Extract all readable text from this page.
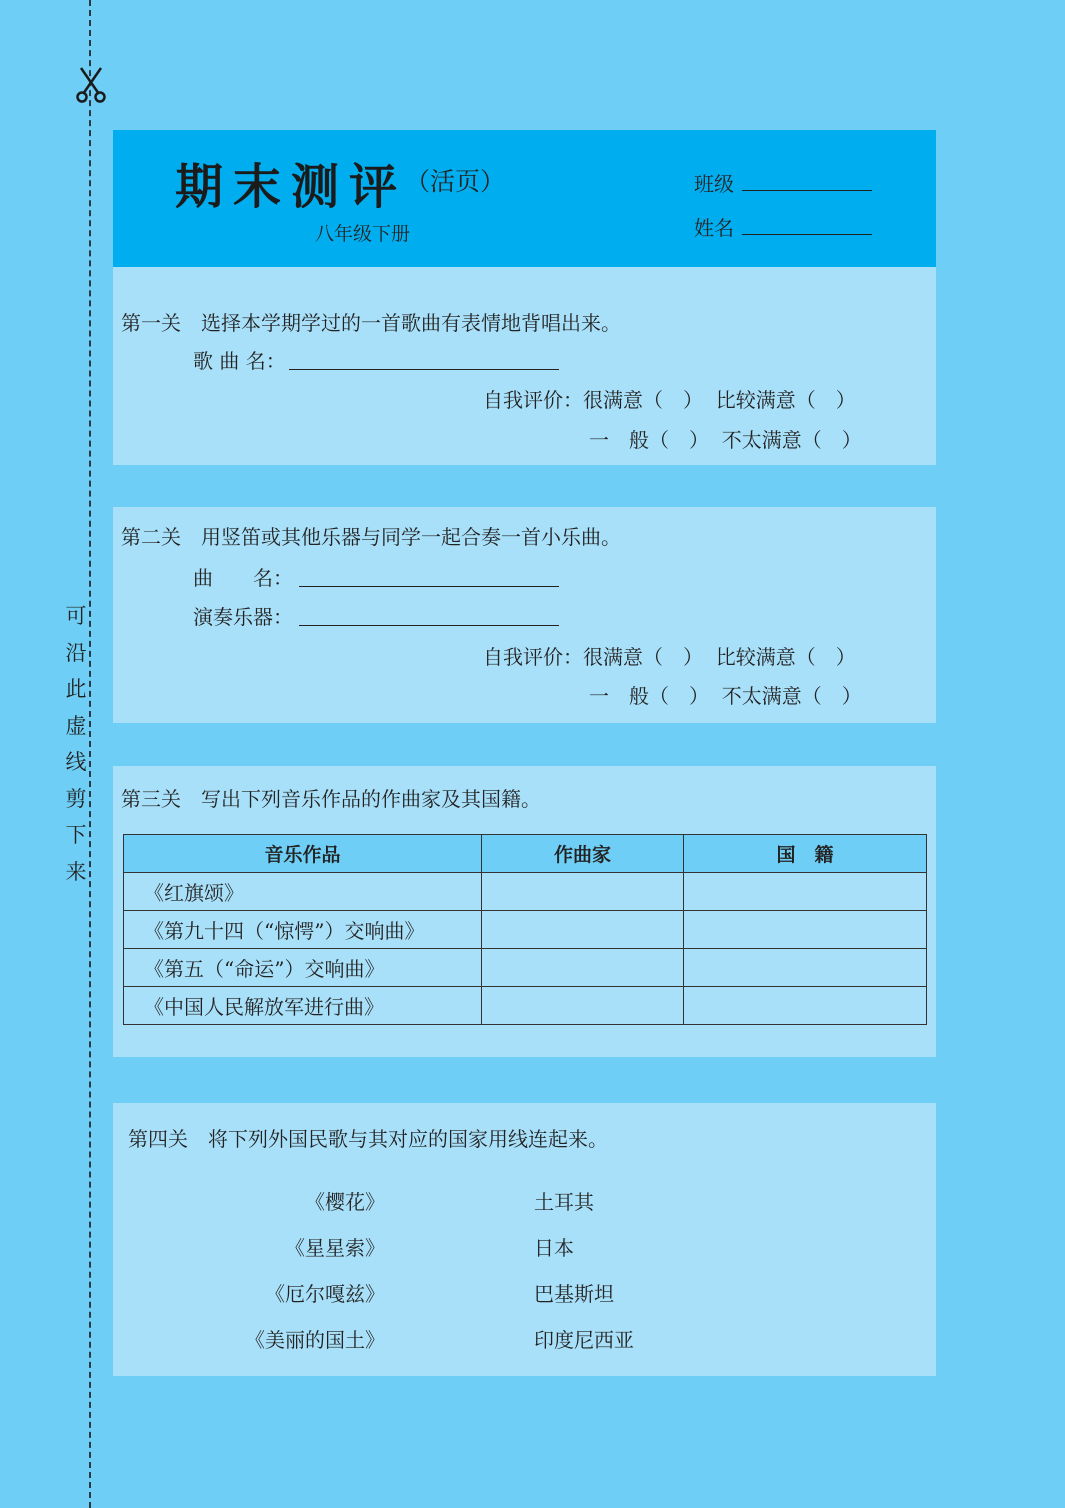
可
沿
此
虚
线
剪
下
来
期末测评
（活页）
八年级下册
班级
姓名
第一关 选择本学期学过的一首歌曲有表情地背唱出来。
歌 曲 名：
自我评价：很满意（　） 比较满意（　）
一　般（　） 不太满意（　）
第二关 用竖笛或其他乐器与同学一起合奏一首小乐曲。
曲　　名：
演奏乐器：
自我评价：很满意（　） 比较满意（　）
一　般（　） 不太满意（　）
第三关 写出下列音乐作品的作曲家及其国籍。
音乐作品	作曲家	国　籍
《红旗颂》		
《第九十四（“惊愕”）交响曲》		
《第五（“命运”）交响曲》		
《中国人民解放军进行曲》		
第四关 将下列外国民歌与其对应的国家用线连起来。
《樱花》
《星星索》
《厄尔嘎兹》
《美丽的国土》
土耳其
日本
巴基斯坦
印度尼西亚
